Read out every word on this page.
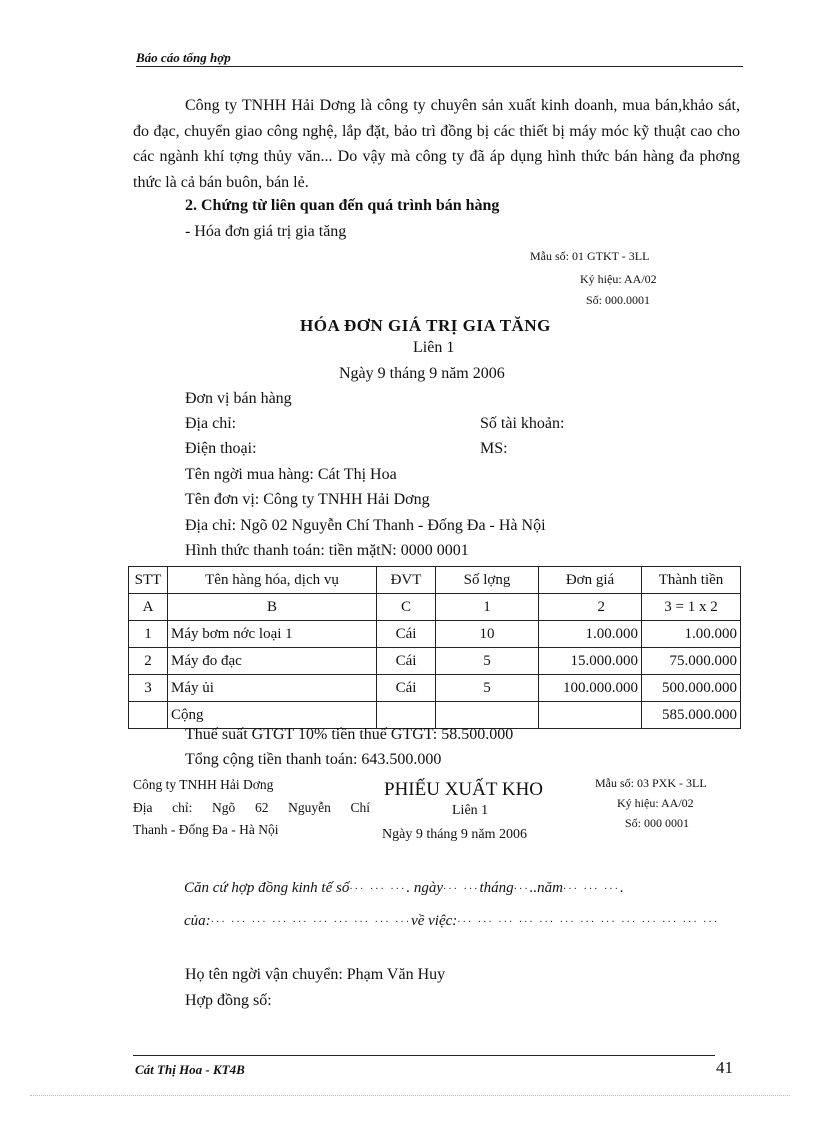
Báo cáo tổng hợp
Công ty TNHH Hải Dơng là công ty chuyên sản xuất kinh doanh, mua bán,khảo sát, đo đạc, chuyển giao công nghệ, lắp đặt, bảo trì đồng bị các thiết bị máy móc kỹ thuật cao cho các ngành khí tợng thủy văn... Do vậy mà công ty đã áp dụng hình thức bán hàng đa phơng thức là cả bán buôn, bán lẻ.
2. Chứng từ liên quan đến quá trình bán hàng
- Hóa đơn giá trị gia tăng
Mẫu số: 01 GTKT - 3LL
Ký hiệu: AA/02
Số: 000.0001
HÓA ĐƠN GIÁ TRỊ GIA TĂNG
Liên 1
Ngày 9 tháng 9 năm 2006
Đơn vị bán hàng
Địa chỉ:	Số tài khoản:
Điện thoại:	MS:
Tên ngời mua hàng: Cát Thị Hoa
Tên đơn vị: Công ty TNHH Hải Dơng
Địa chỉ: Ngõ 02 Nguyễn Chí Thanh - Đống Đa - Hà Nội
Hình thức thanh toán: tiền mặtN: 0000 0001
STT	Tên hàng hóa, dịch vụ	ĐVT	Số lợng	Đơn giá	Thành tiền
A	B	C	1	2	3 = 1 x 2
1	Máy bơm nớc loại 1	Cái	10	1.00.000	1.00.000
2	Máy đo đạc	Cái	5	15.000.000	75.000.000
3	Máy ủi	Cái	5	100.000.000	500.000.000
	Cộng				585.000.000
Thuế suất GTGT 10% tiền thuế GTGT: 58.500.000
Tổng cộng tiền thanh toán: 643.500.000
Công ty TNHH Hải Dơng
Địa chỉ: Ngõ 62 Nguyễn Chí
Thanh - Đống Đa - Hà Nội
PHIẾU XUẤT KHO
Liên 1
Ngày 9 tháng 9 năm 2006
Mẫu số: 03 PXK - 3LL
Ký hiệu: AA/02
Số: 000 0001
Căn cứ hợp đồng kinh tế số··· ··· ···. ngày··· ···tháng···..năm··· ··· ···.
của:··· ··· ··· ··· ··· ··· ··· ··· ··· ···về việc:··· ··· ··· ··· ··· ··· ··· ··· ··· ··· ··· ··· ···
Họ tên ngời vận chuyển: Phạm Văn Huy
Hợp đồng số:
Cát Thị Hoa - KT4B	41
